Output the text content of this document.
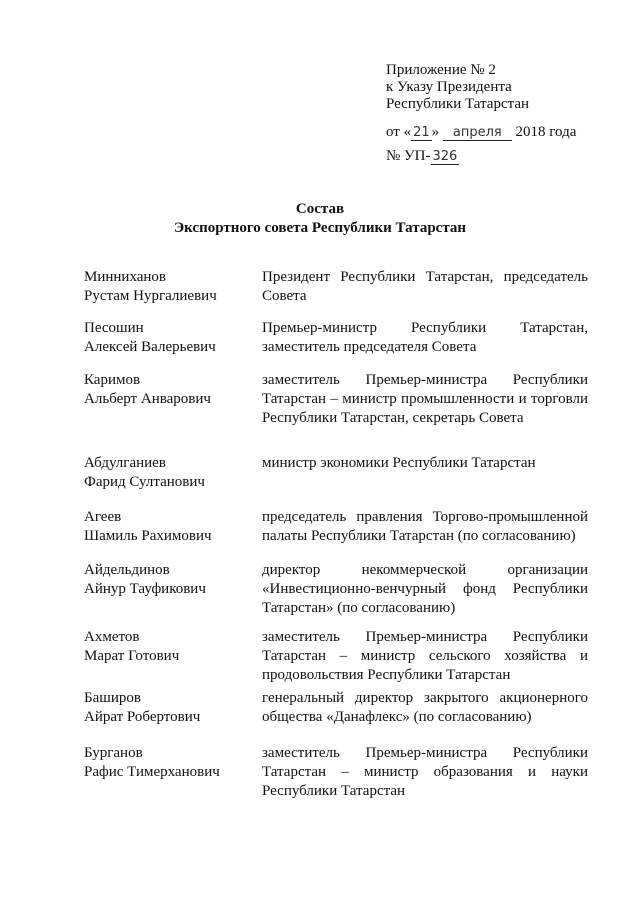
Приложение № 2
к Указу Президента
Республики Татарстан
от « 21 » апреля 2018 года
№ УП- 326
Состав
Экспортного совета Республики Татарстан
Минниханов
Рустам Нургалиевич
Президент Республики Татарстан, председатель Совета
Песошин
Алексей Валерьевич
Премьер-министр Республики Татарстан, заместитель председателя Совета
Каримов
Альберт Анварович
заместитель Премьер-министра Республики Татарстан – министр промышленности и торговли Республики Татарстан, секретарь Совета
Абдулганиев
Фарид Султанович
министр экономики Республики Татарстан
Агеев
Шамиль Рахимович
председатель правления Торгово-промышленной палаты Республики Татарстан (по согласованию)
Айдельдинов
Айнур Тауфикович
директор некоммерческой организации «Инвестиционно-венчурный фонд Республики Татарстан» (по согласованию)
Ахметов
Марат Готович
заместитель Премьер-министра Республики Татарстан – министр сельского хозяйства и продовольствия Республики Татарстан
Баширов
Айрат Робертович
генеральный директор закрытого акционерного общества «Данафлекс» (по согласованию)
Бурганов
Рафис Тимерханович
заместитель Премьер-министра Республики Татарстан – министр образования и науки Республики Татарстан
